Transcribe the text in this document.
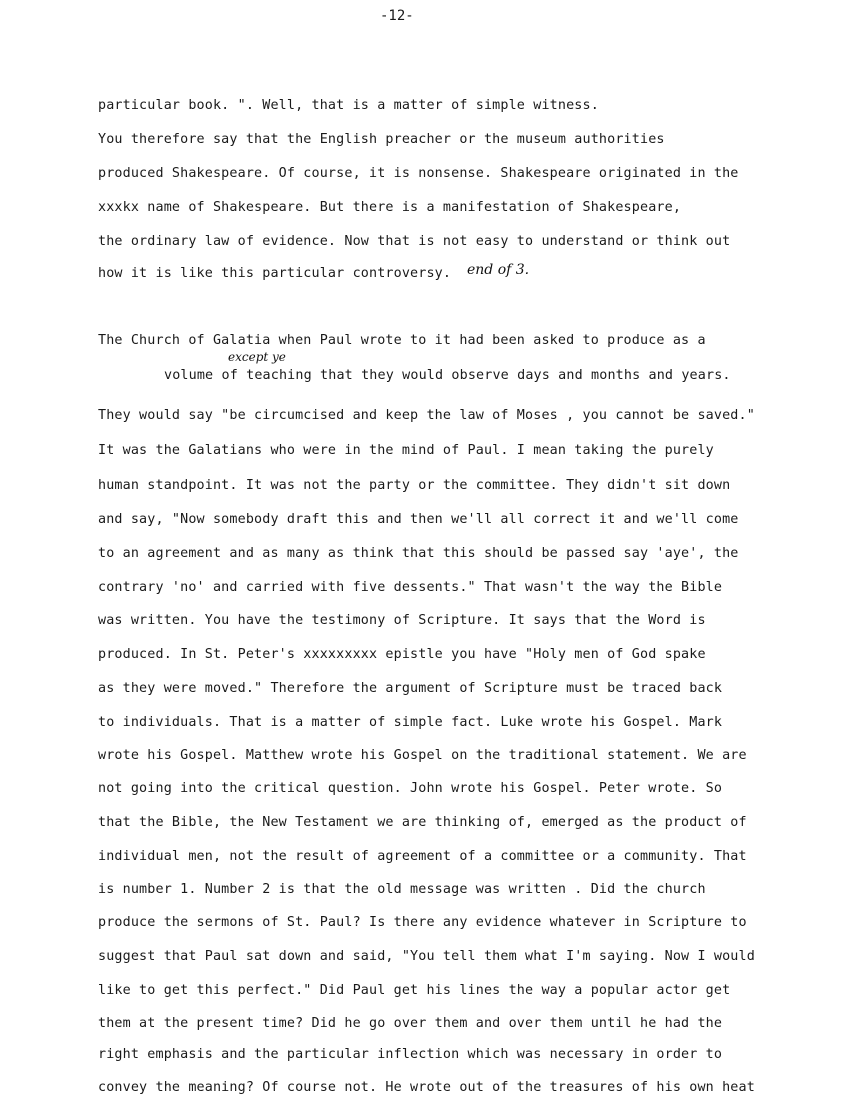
-12-
particular book. ". Well, that is a matter of simple witness.
You therefore say that the English preacher or the museum authorities
produced Shakespeare. Of course, it is nonsense. Shakespeare originated in the
xxxkx name of Shakespeare. But there is a manifestation of Shakespeare,
the ordinary law of evidence. Now that is not easy to understand or think out
how it is like this particular controversy. end of 3.
The Church of Galatia when Paul wrote to it had been asked to produce as a
except ye
volume of teaching that they would observe days and months and years.
They would say "be circumcised and keep the law of Moses , you cannot be saved."
It was the Galatians who were in the mind of Paul. I mean taking the purely
human standpoint. It was not the party or the committee. They didn't sit down
and say, "Now somebody draft this and then we'll all correct it and we'll come
to an agreement and as many as think that this should be passed say 'aye', the
contrary 'no' and carried with five dessents." That wasn't the way the Bible
was written. You have the testimony of Scripture. It says that the Word is
produced. In St. Peter's xxxxxxxxx epistle you have "Holy men of God spake
as they were moved." Therefore the argument of Scripture must be traced back
to individuals. That is a matter of simple fact. Luke wrote his Gospel. Mark
wrote his Gospel. Matthew wrote his Gospel on the traditional statement. We are
not going into the critical question. John wrote his Gospel. Peter wrote. So
that the Bible, the New Testament we are thinking of, emerged as the product of
individual men, not the result of agreement of a committee or a community. That
is number 1. Number 2 is that the old message was written . Did the church
produce the sermons of St. Paul? Is there any evidence whatever in Scripture to
suggest that Paul sat down and said, "You tell them what I'm saying. Now I would
like to get this perfect." Did Paul get his lines the way a popular actor get
them at the present time? Did he go over them and over them until he had the
right emphasis and the particular inflection which was necessary in order to
convey the meaning? Of course not. He wrote out of the treasures of his own heat
